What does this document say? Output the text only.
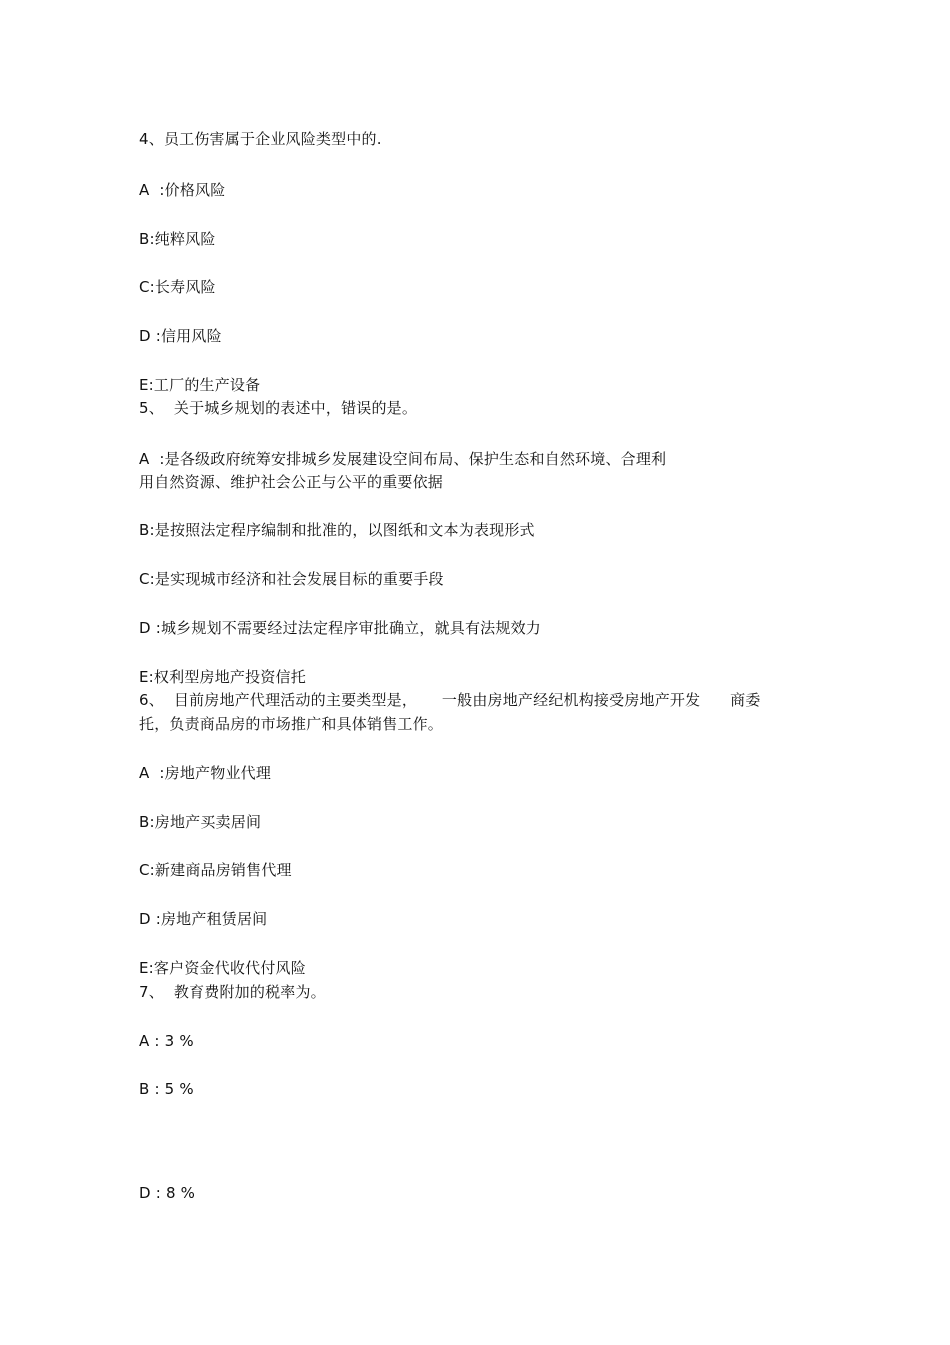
4、员工伤害属于企业风险类型中的.
A  :价格风险
B:纯粹风险
C:长寿风险
D :信用风险
E:工厂的生产设备
5、  关于城乡规划的表述中，错误的是。
A  :是各级政府统筹安排城乡发展建设空间布局、保护生态和自然环境、合理利
用自然资源、维护社会公正与公平的重要依据
B:是按照法定程序编制和批准的，以图纸和文本为表现形式
C:是实现城市经济和社会发展目标的重要手段
D :城乡规划不需要经过法定程序审批确立，就具有法规效力
E:权利型房地产投资信托
6、  目前房地产代理活动的主要类型是，     一般由房地产经纪机构接受房地产开发      商委
托，负责商品房的市场推广和具体销售工作。
A  :房地产物业代理
B:房地产买卖居间
C:新建商品房销售代理
D :房地产租赁居间
E:客户资金代收代付风险
7、  教育费附加的税率为。
A : 3 %
B : 5 %
D : 8 %
